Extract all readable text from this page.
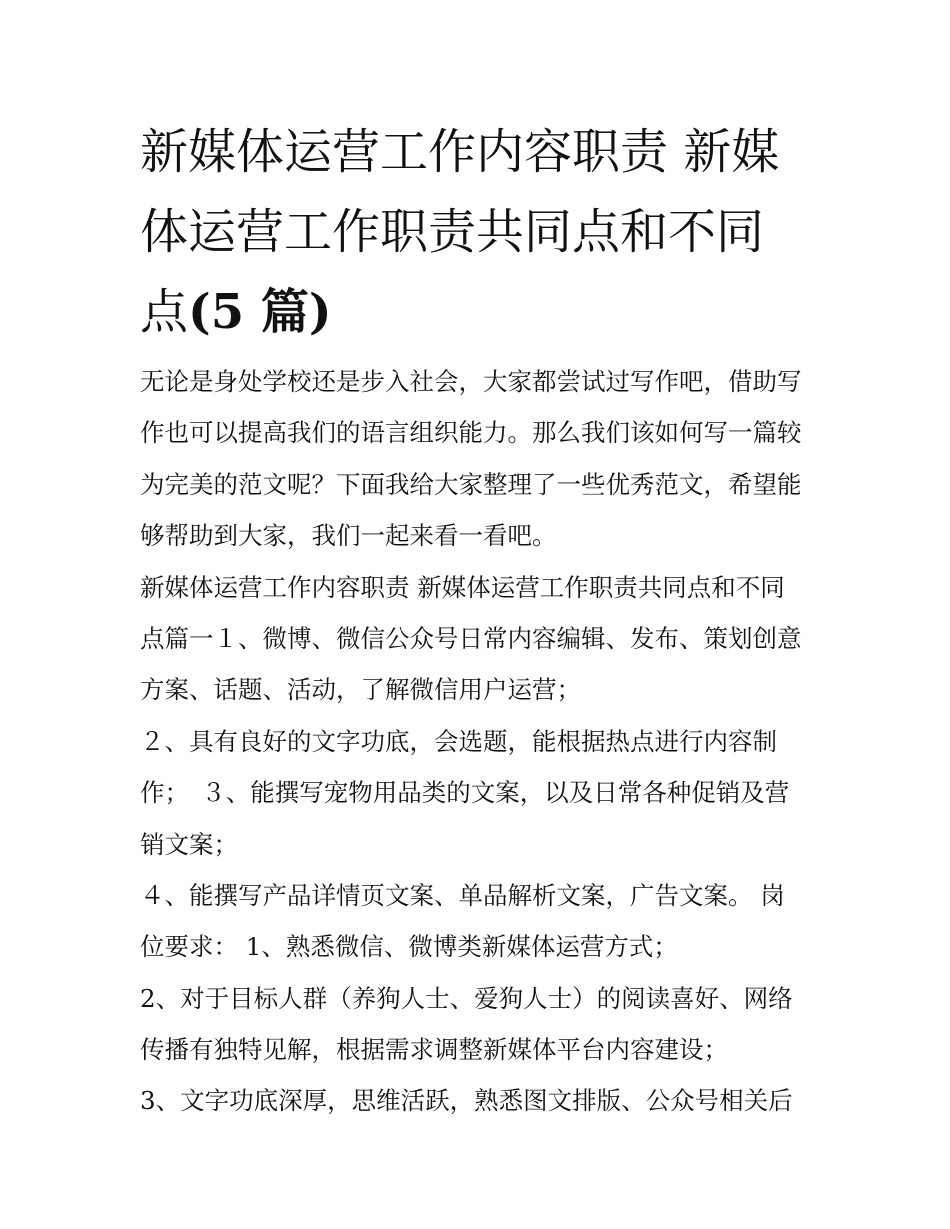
新媒体运营工作内容职责 新媒
体运营工作职责共同点和不同
点(5 篇)
无论是身处学校还是步入社会，大家都尝试过写作吧，借助写
作也可以提高我们的语言组织能力。那么我们该如何写一篇较
为完美的范文呢？下面我给大家整理了一些优秀范文，希望能
够帮助到大家，我们一起来看一看吧。
新媒体运营工作内容职责 新媒体运营工作职责共同点和不同
点篇一１、微博、微信公众号日常内容编辑、发布、策划创意
方案、话题、活动，了解微信用户运营；
２、具有良好的文字功底，会选题，能根据热点进行内容制
作；　３、能撰写宠物用品类的文案，以及日常各种促销及营
销文案；
４、能撰写产品详情页文案、单品解析文案，广告文案。 岗
位要求： 1、熟悉微信、微博类新媒体运营方式；
2、对于目标人群（养狗人士、爱狗人士）的阅读喜好、网络
传播有独特见解，根据需求调整新媒体平台内容建设；
3、文字功底深厚，思维活跃，熟悉图文排版、公众号相关后
